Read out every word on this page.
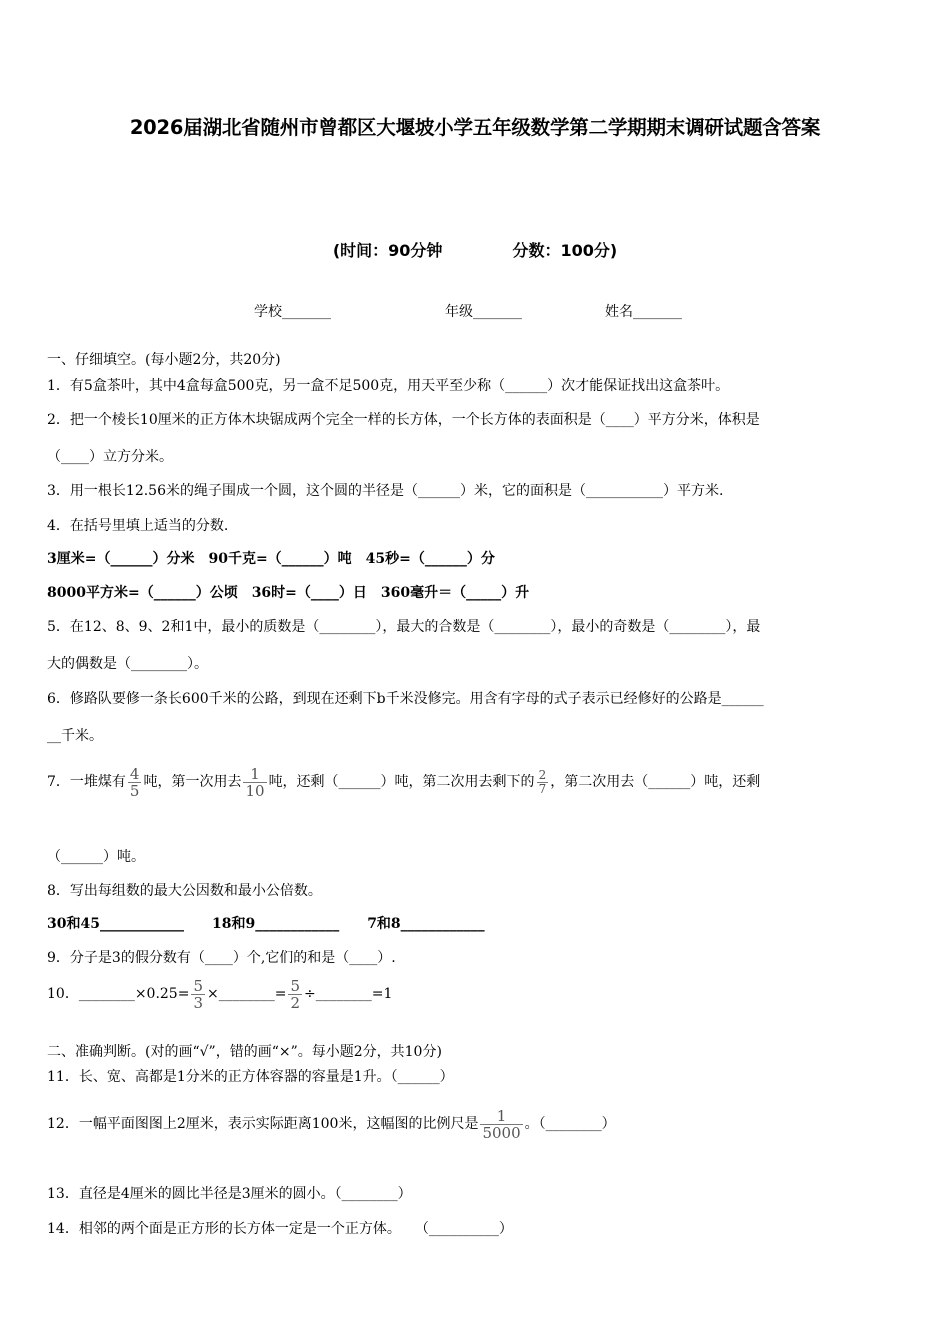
2026届湖北省随州市曾都区大堰坡小学五年级数学第二学期期末调研试题含答案
(时间：90分钟	分数：100分)
学校_______	年级_______	姓名_______
一、仔细填空。(每小题2分，共20分)
1．有5盒茶叶，其中4盒每盒500克，另一盒不足500克，用天平至少称（______）次才能保证找出这盒茶叶。
2．把一个棱长10厘米的正方体木块锯成两个完全一样的长方体，一个长方体的表面积是（____）平方分米，体积是
（____）立方分米。
3．用一根长12.56米的绳子围成一个圆，这个圆的半径是（______）米，它的面积是（___________）平方米.
4．在括号里填上适当的分数.
3厘米=（______）分米　90千克=（______）吨　45秒=（______）分
8000平方米=（______）公顷　36时=（____）日　360毫升＝（_____）升
5．在12、8、9、2和1中，最小的质数是（________），最大的合数是（________），最小的奇数是（________），最
大的偶数是（________）。
6．修路队要修一条长600千米的公路，到现在还剩下b千米没修完。用含有字母的式子表示已经修好的公路是______
__千米。
7．一堆煤有 $\frac{4}{5}$ 吨，第一次用去 $\frac{1}{10}$ 吨，还剩（______）吨，第二次用去剩下的 $\frac{2}{7}$ ，第二次用去（______）吨，还剩
（______）吨。
8．写出每组数的最大公因数和最小公倍数。
30和45____________　　18和9____________　　7和8____________
9．分子是3的假分数有（____）个,它们的和是（____）.
10．________×0.25= $\frac{5}{3}$ ×________= $\frac{5}{2}$ ÷________=1
二、准确判断。(对的画“√”，错的画“×”。每小题2分，共10分)
11．长、宽、高都是1分米的正方体容器的容量是1升。（______）
12．一幅平面图图上2厘米，表示实际距离100米，这幅图的比例尺是 $\frac{1}{5000}$ 。（________）
13．直径是4厘米的圆比半径是3厘米的圆小。（________）
14．相邻的两个面是正方形的长方体一定是一个正方体。　　（__________）
